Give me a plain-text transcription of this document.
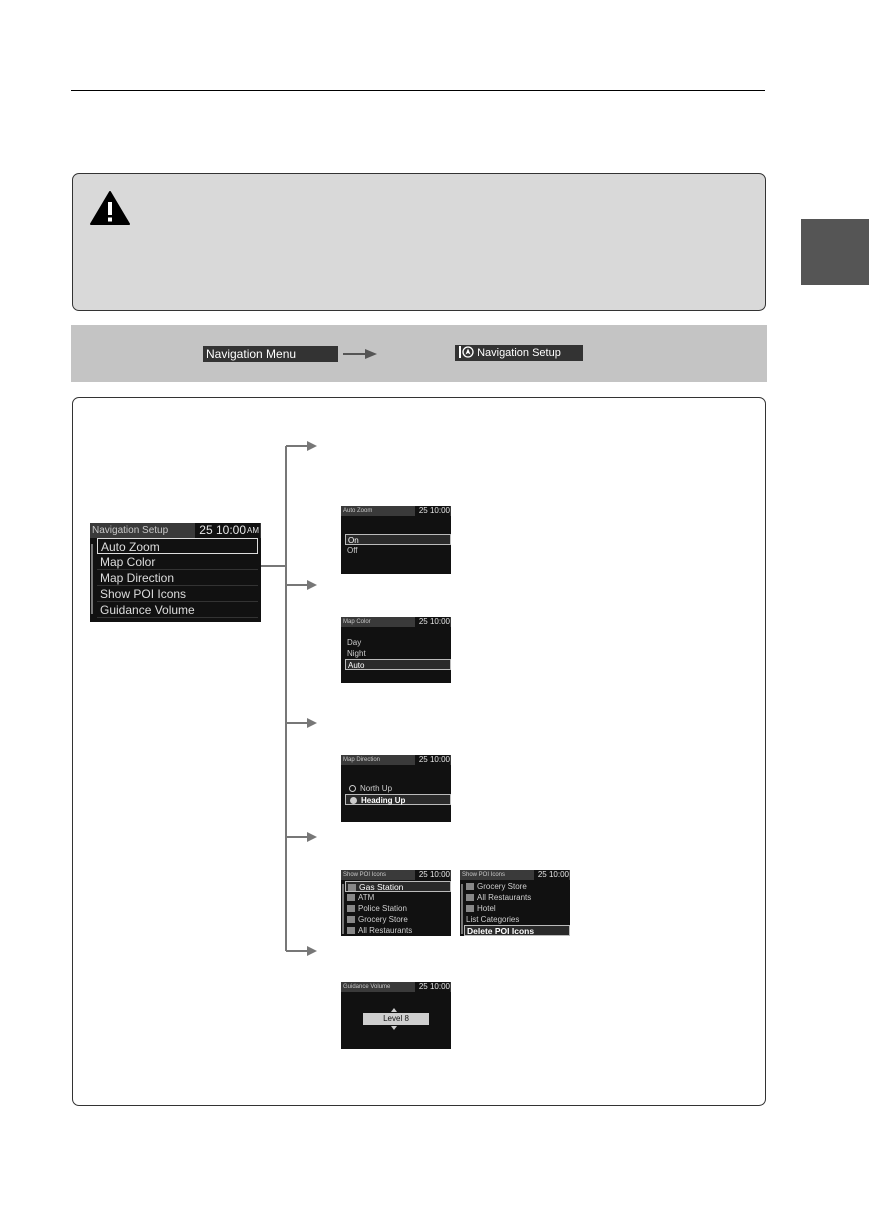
Navigation Menu	Navigation Setup
Navigation Setup	25 10:00 AM
Auto Zoom
Map Color
Map Direction
Show POI Icons
Guidance Volume
Auto Zoom	25 10:00
On
Off
Map Color	25 10:00
Day
Night
Auto
Map Direction	25 10:00
North Up
Heading Up
Show POI Icons	25 10:00
Gas Station
ATM
Police Station
Grocery Store
All Restaurants
Show POI Icons	25 10:00
Grocery Store
All Restaurants
Hotel
List Categories
Delete POI Icons
Guidance Volume	25 10:00
Level 8
